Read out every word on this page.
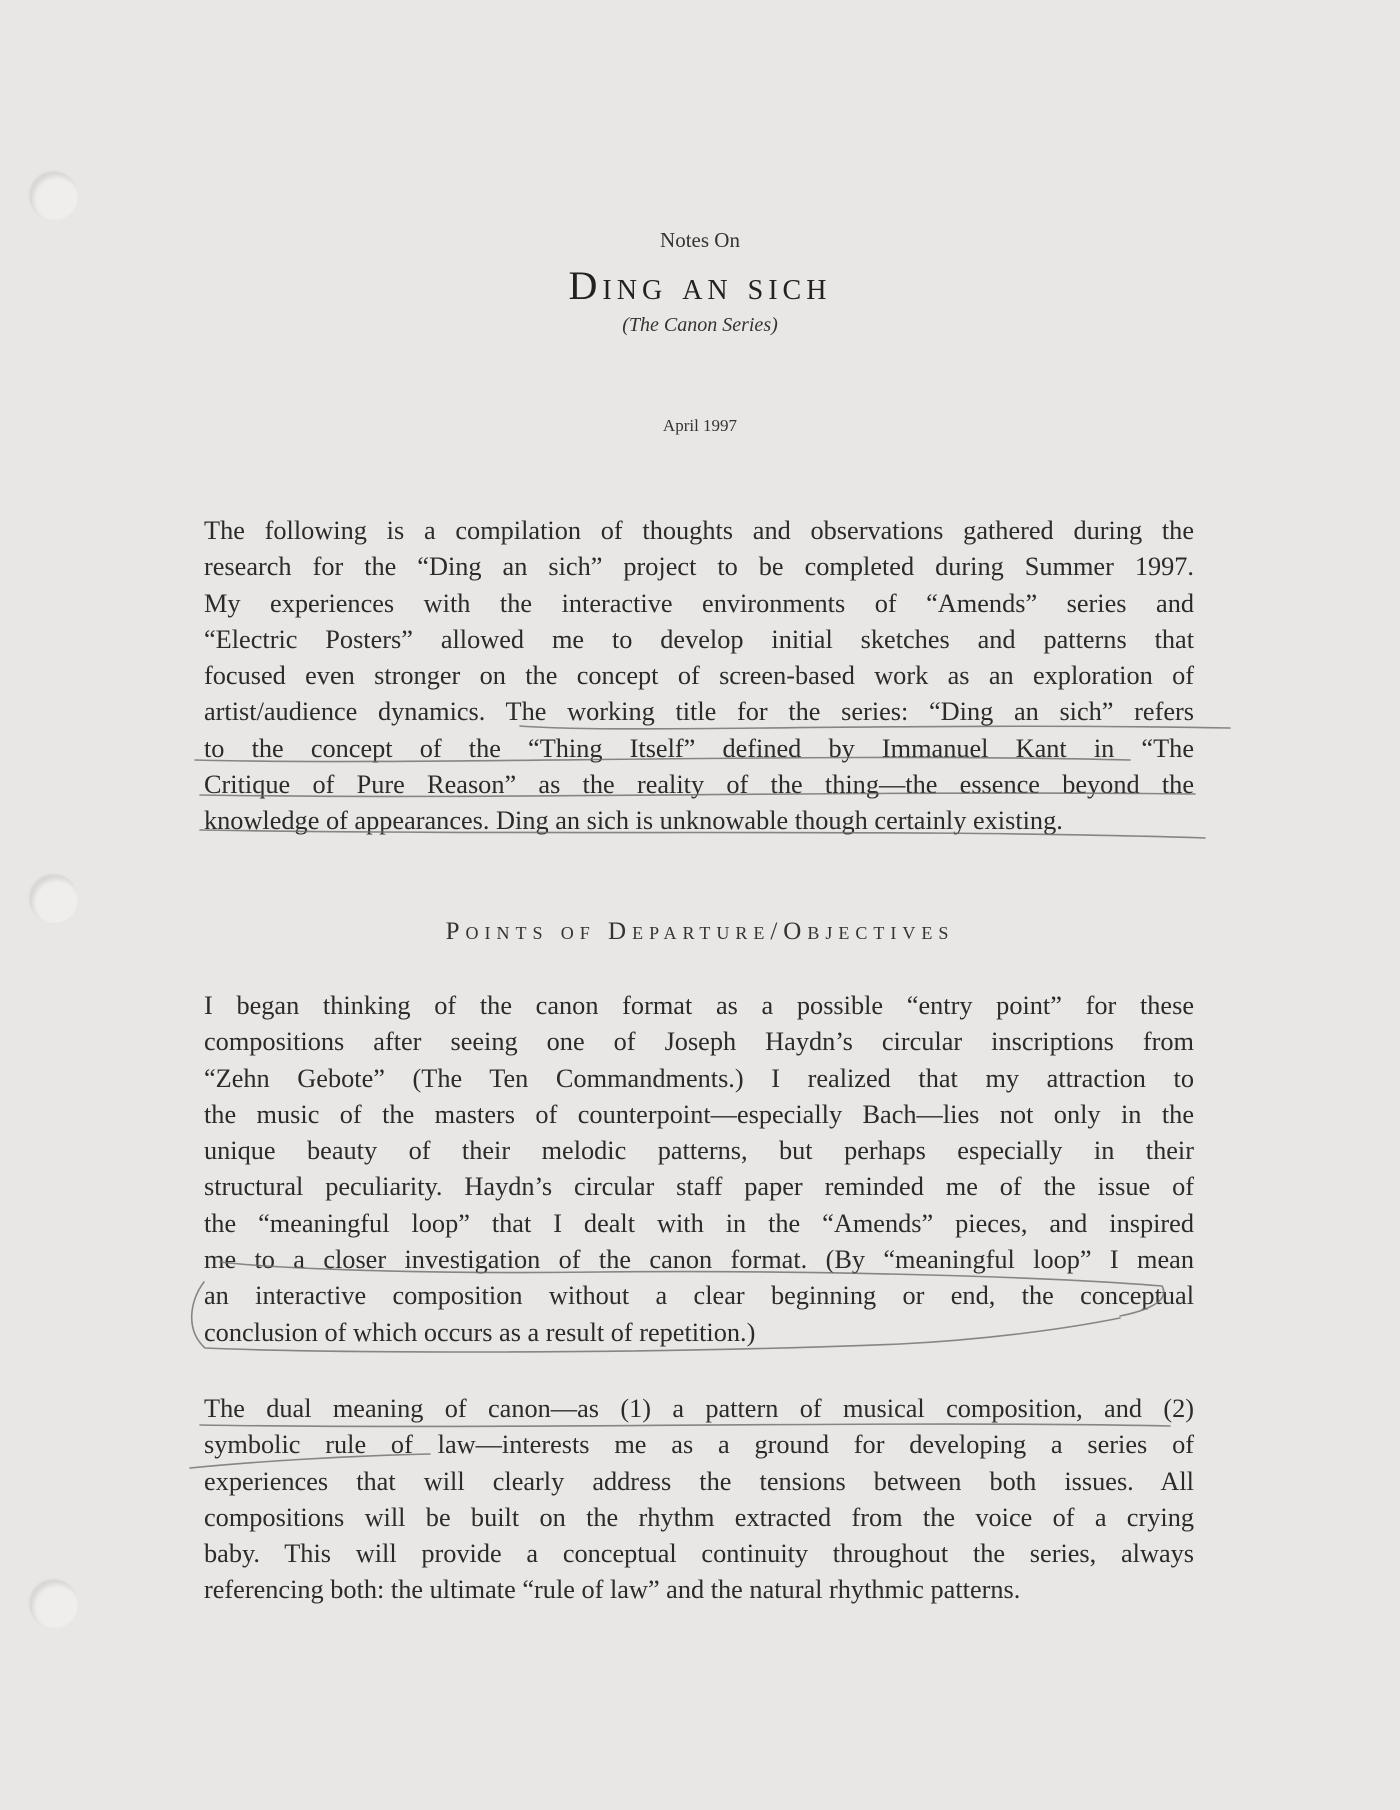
Notes On
Ding an sich
(The Canon Series)
April 1997

The following is a compilation of thoughts and observations gathered during the
research for the “Ding an sich” project to be completed during Summer 1997.
My experiences with the interactive environments of “Amends” series and
“Electric Posters” allowed me to develop initial sketches and patterns that
focused even stronger on the concept of screen-based work as an exploration of
artist/audience dynamics. The working title for the series: “Ding an sich” refers
to the concept of the “Thing Itself” defined by Immanuel Kant in “The
Critique of Pure Reason” as the reality of the thing—the essence beyond the
knowledge of appearances. Ding an sich is unknowable though certainly existing.

Points of Departure/Objectives

I began thinking of the canon format as a possible “entry point” for these
compositions after seeing one of Joseph Haydn’s circular inscriptions from
“Zehn Gebote” (The Ten Commandments.) I realized that my attraction to
the music of the masters of counterpoint—especially Bach—lies not only in the
unique beauty of their melodic patterns, but perhaps especially in their
structural peculiarity. Haydn’s circular staff paper reminded me of the issue of
the “meaningful loop” that I dealt with in the “Amends” pieces, and inspired
me to a closer investigation of the canon format. (By “meaningful loop” I mean
an interactive composition without a clear beginning or end, the conceptual
conclusion of which occurs as a result of repetition.)

The dual meaning of canon—as (1) a pattern of musical composition, and (2)
symbolic rule of law—interests me as a ground for developing a series of
experiences that will clearly address the tensions between both issues. All
compositions will be built on the rhythm extracted from the voice of a crying
baby. This will provide a conceptual continuity throughout the series, always
referencing both: the ultimate “rule of law” and the natural rhythmic patterns.
